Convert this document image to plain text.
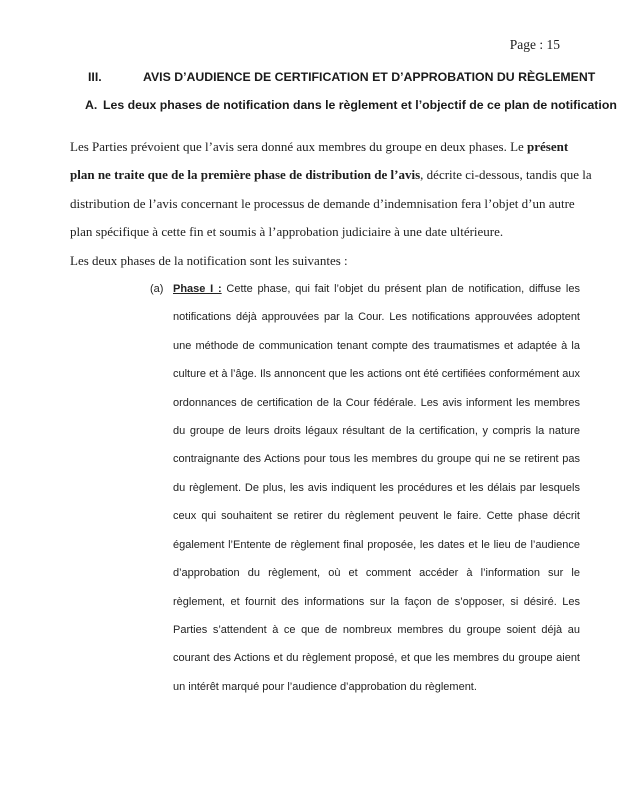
Page : 15
III.	AVIS D’AUDIENCE DE CERTIFICATION ET D’APPROBATION DU RÈGLEMENT
A. Les deux phases de notification dans le règlement et l’objectif de ce plan de notification

Les Parties prévoient que l’avis sera donné aux membres du groupe en deux phases. Le présent plan ne traite que de la première phase de distribution de l’avis, décrite ci-dessous, tandis que la distribution de l’avis concernant le processus de demande d’indemnisation fera l’objet d’un autre plan spécifique à cette fin et soumis à l’approbation judiciaire à une date ultérieure.

Les deux phases de la notification sont les suivantes :

(a) Phase I : Cette phase, qui fait l’objet du présent plan de notification, diffuse les notifications déjà approuvées par la Cour. Les notifications approuvées adoptent une méthode de communication tenant compte des traumatismes et adaptée à la culture et à l’âge. Ils annoncent que les actions ont été certifiées conformément aux ordonnances de certification de la Cour fédérale. Les avis informent les membres du groupe de leurs droits légaux résultant de la certification, y compris la nature contraignante des Actions pour tous les membres du groupe qui ne se retirent pas du règlement. De plus, les avis indiquent les procédures et les délais par lesquels ceux qui souhaitent se retirer du règlement peuvent le faire. Cette phase décrit également l’Entente de règlement final proposée, les dates et le lieu de l’audience d’approbation du règlement, où et comment accéder à l’information sur le règlement, et fournit des informations sur la façon de s’opposer, si désiré. Les Parties s’attendent à ce que de nombreux membres du groupe soient déjà au courant des Actions et du règlement proposé, et que les membres du groupe aient un intérêt marqué pour l’audience d’approbation du règlement.
